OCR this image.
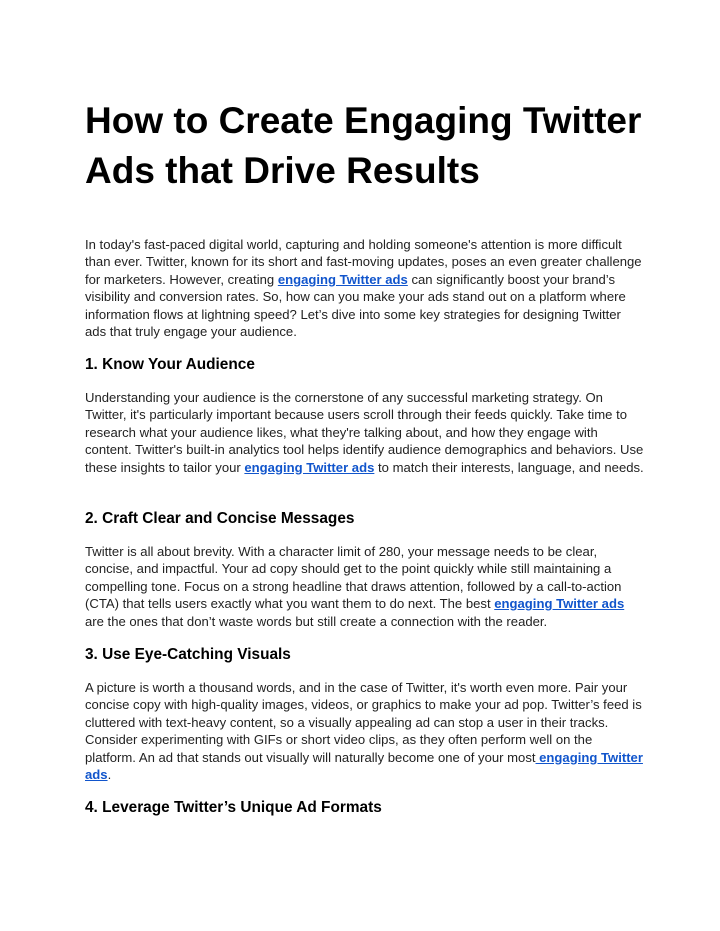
How to Create Engaging Twitter Ads that Drive Results

In today's fast-paced digital world, capturing and holding someone's attention is more difficult than ever. Twitter, known for its short and fast-moving updates, poses an even greater challenge for marketers. However, creating engaging Twitter ads can significantly boost your brand’s visibility and conversion rates. So, how can you make your ads stand out on a platform where information flows at lightning speed? Let’s dive into some key strategies for designing Twitter ads that truly engage your audience.

1. Know Your Audience

Understanding your audience is the cornerstone of any successful marketing strategy. On Twitter, it's particularly important because users scroll through their feeds quickly. Take time to research what your audience likes, what they're talking about, and how they engage with content. Twitter's built-in analytics tool helps identify audience demographics and behaviors. Use these insights to tailor your engaging Twitter ads to match their interests, language, and needs.

2. Craft Clear and Concise Messages

Twitter is all about brevity. With a character limit of 280, your message needs to be clear, concise, and impactful. Your ad copy should get to the point quickly while still maintaining a compelling tone. Focus on a strong headline that draws attention, followed by a call-to-action (CTA) that tells users exactly what you want them to do next. The best engaging Twitter ads are the ones that don’t waste words but still create a connection with the reader.

3. Use Eye-Catching Visuals

A picture is worth a thousand words, and in the case of Twitter, it's worth even more. Pair your concise copy with high-quality images, videos, or graphics to make your ad pop. Twitter’s feed is cluttered with text-heavy content, so a visually appealing ad can stop a user in their tracks. Consider experimenting with GIFs or short video clips, as they often perform well on the platform. An ad that stands out visually will naturally become one of your most engaging Twitter ads.

4. Leverage Twitter’s Unique Ad Formats
